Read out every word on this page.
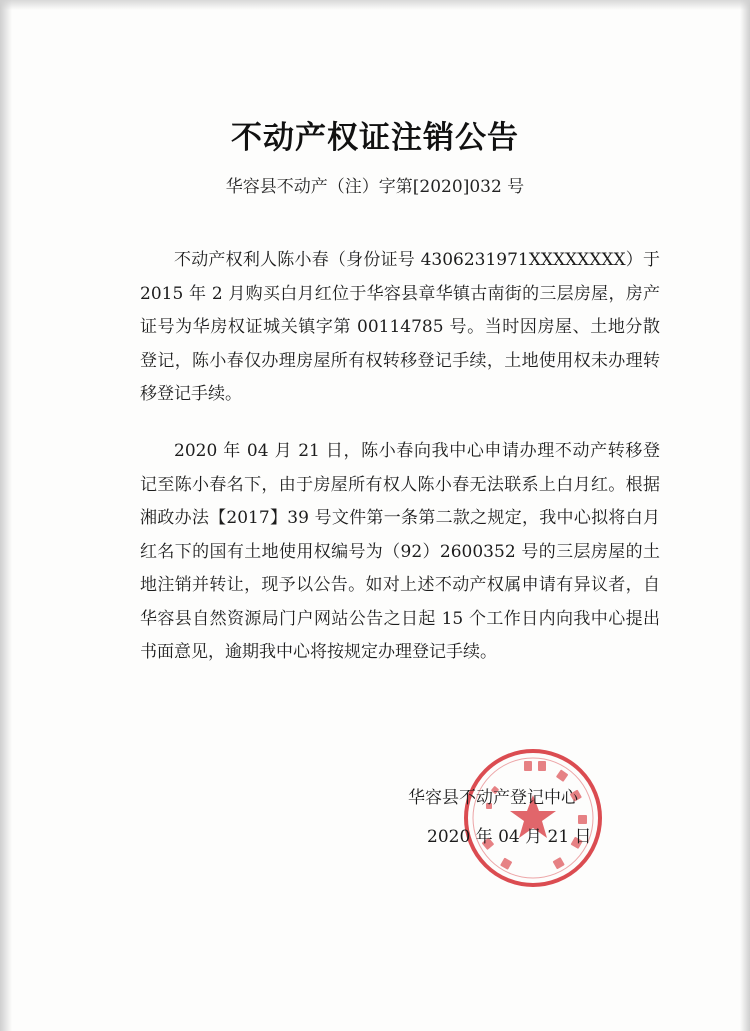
不动产权证注销公告
华容县不动产（注）字第[2020]032 号

不动产权利人陈小春（身份证号 4306231971XXXXXXXX）于 2015 年 2 月购买白月红位于华容县章华镇古南街的三层房屋，房产证号为华房权证城关镇字第 00114785 号。当时因房屋、土地分散登记，陈小春仅办理房屋所有权转移登记手续，土地使用权未办理转移登记手续。

2020 年 04 月 21 日，陈小春向我中心申请办理不动产转移登记至陈小春名下，由于房屋所有权人陈小春无法联系上白月红。根据湘政办法【2017】39 号文件第一条第二款之规定，我中心拟将白月红名下的国有土地使用权编号为（92）2600352 号的三层房屋的土地注销并转让，现予以公告。如对上述不动产权属申请有异议者，自华容县自然资源局门户网站公告之日起 15 个工作日内向我中心提出书面意见，逾期我中心将按规定办理登记手续。

华容县不动产登记中心
2020 年 04 月 21 日
